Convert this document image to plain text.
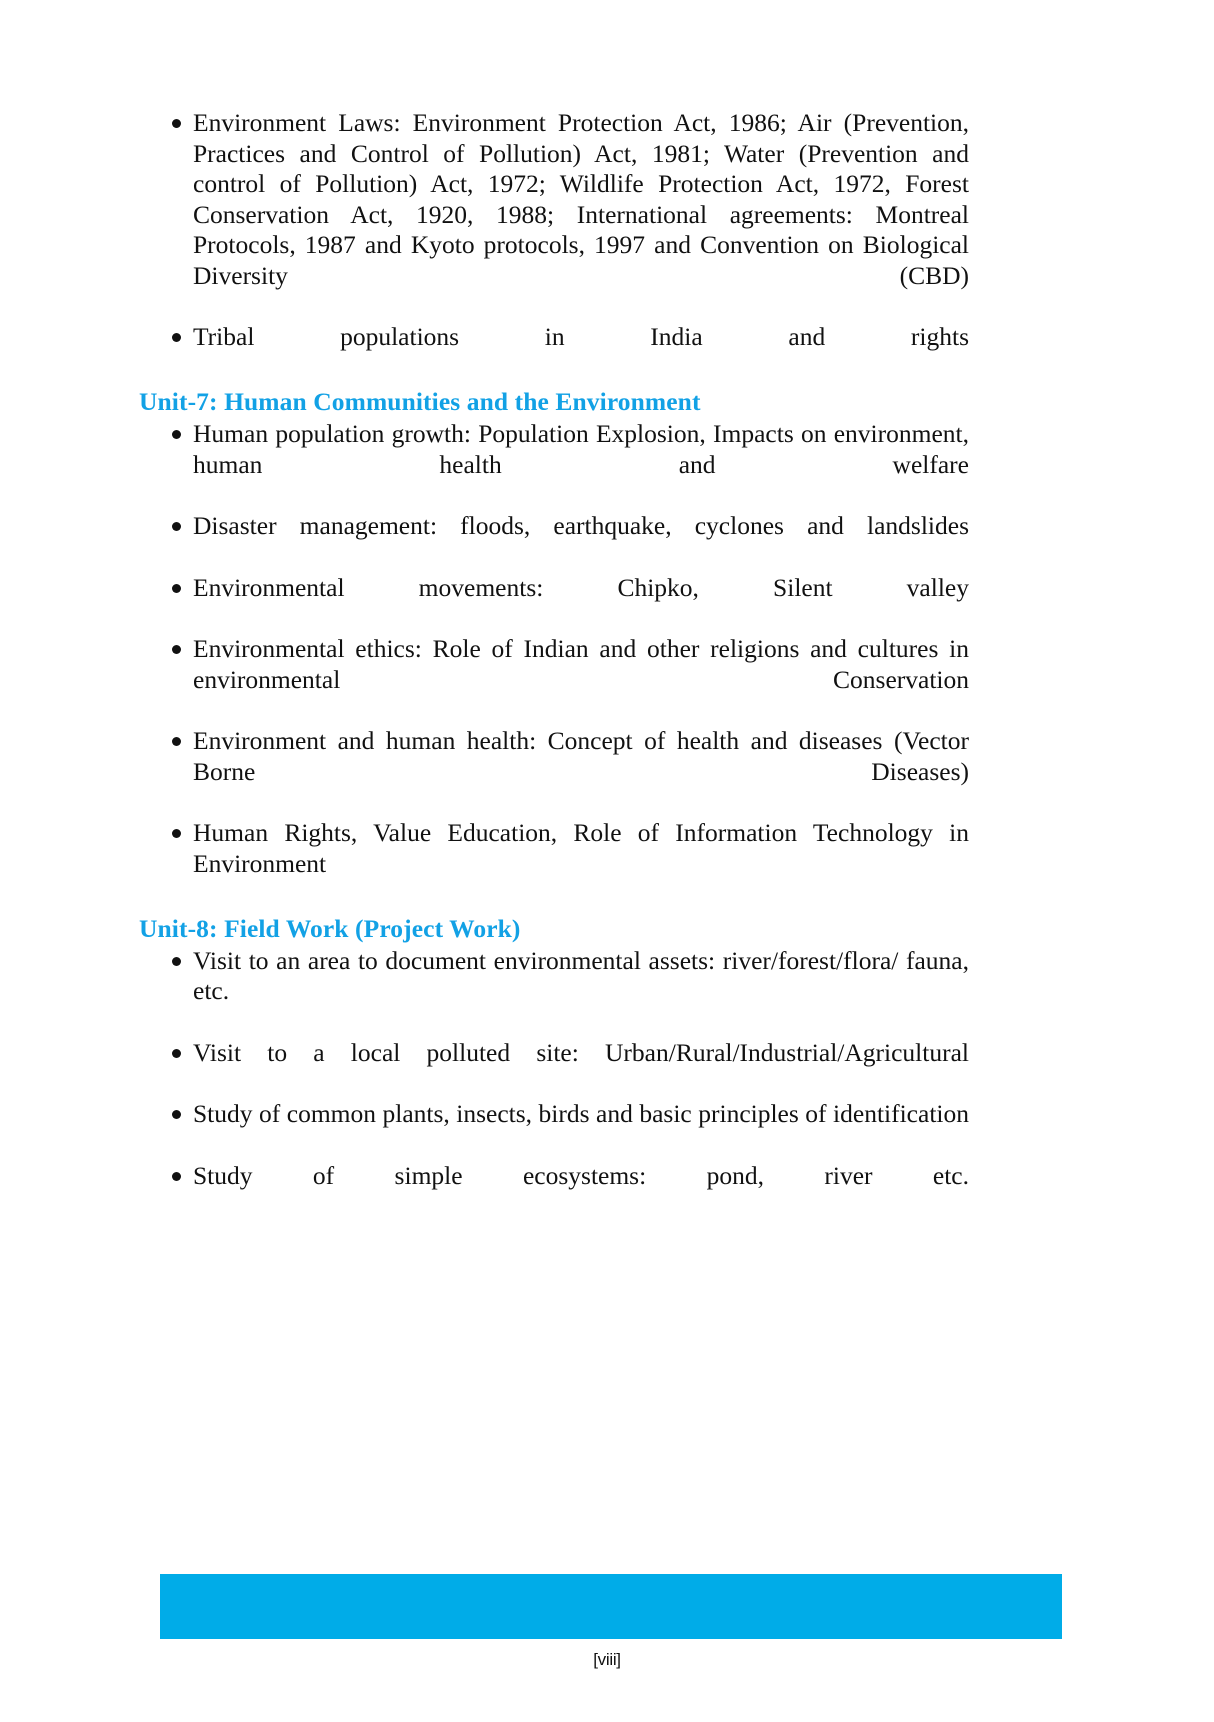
Environment Laws: Environment Protection Act, 1986; Air (Prevention, Practices and Control of Pollution) Act, 1981; Water (Prevention and control of Pollution) Act, 1972; Wildlife Protection Act, 1972, Forest Conservation Act, 1920, 1988; International agreements: Montreal Protocols, 1987 and Kyoto protocols, 1997 and Convention on Biological Diversity (CBD)
Tribal populations in India and rights
Unit-7: Human Communities and the Environment
Human population growth: Population Explosion, Impacts on environment, human health and welfare
Disaster management: floods, earthquake, cyclones and landslides
Environmental movements: Chipko, Silent valley
Environmental ethics: Role of Indian and other religions and cultures in environmental Conservation
Environment and human health: Concept of health and diseases (Vector Borne Diseases)
Human Rights, Value Education, Role of Information Technology in Environment
Unit-8: Field Work (Project Work)
Visit to an area to document environmental assets: river/forest/flora/ fauna, etc.
Visit to a local polluted site: Urban/Rural/Industrial/Agricultural
Study of common plants, insects, birds and basic principles of identification
Study of simple ecosystems: pond, river etc.
[viii]
